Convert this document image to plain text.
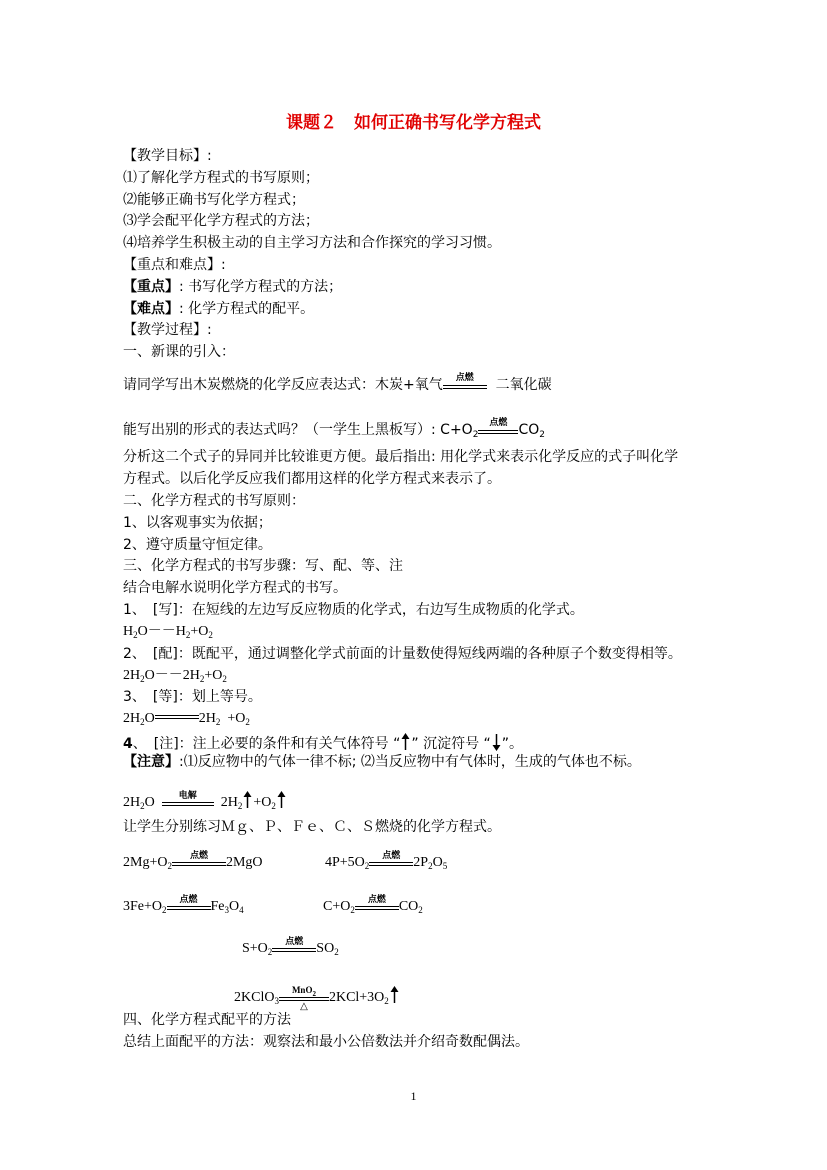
课题２　如何正确书写化学方程式
【教学目标】:
⑴了解化学方程式的书写原则；
⑵能够正确书写化学方程式；
⑶学会配平化学方程式的方法；
⑷培养学生积极主动的自主学习方法和合作探究的学习习惯。
【重点和难点】:
【重点】: 书写化学方程式的方法；
【难点】: 化学方程式的配平。
【教学过程】:
一、新课的引入：
请同学写出木炭燃烧的化学反应表达式：木炭+氧气	点燃	二氧化碳
能写出别的形式的表达式吗？（一学生上黑板写）: $C+O_2$
点燃 $CO_2$
分析这二个式子的异同并比较谁更方便。最后指出: 用化学式来表示化学反应的式子叫化学
方程式。以后化学反应我们都用这样的化学方程式来表示了。
二、化学方程式的书写原则：
1、以客观事实为依据；
2、遵守质量守恒定律。
三、化学方程式的书写步骤：写、配、等、注
结合电解水说明化学方程式的书写。
1、　[写]：在短线的左边写反应物质的化学式，右边写生成物质的化学式。
$H_2O--H_2+O_2$
2、　[配]：既配平，通过调整化学式前面的计量数使得短线两端的各种原子个数变得相等。
$2H_2O--2H_2+O_2$
3、　[等]：划上等号。
$2H_2O$	$2H_2 +O_2$
4、　[注]：注上必要的条件和有关气体符号 “ ” 沉淀符号 “ ”。
【注意】:⑴反应物中的气体一律不标; ⑵当反应物中有气体时，生成的气体也不标。
$2H_2O$	电解	$2H_2 +O_2$
让学生分别练习Ｍｇ、Ｐ、Ｆｅ、Ｃ、Ｓ燃烧的化学方程式。
$2Mg+O_2$
点燃	2MgO	$4P+5O_2$
点燃 $2P_2O_5$
$3Fe+O_2$
点燃 $Fe_3O_4$	$C+O_2$
点燃 $CO_2$
$S+O_2$
点燃 $SO_2$
2KClO$_3$
MnO$_2$
△
$2KCl+3O_2$
四、化学方程式配平的方法
总结上面配平的方法：观察法和最小公倍数法并介绍奇数配偶法。
1
